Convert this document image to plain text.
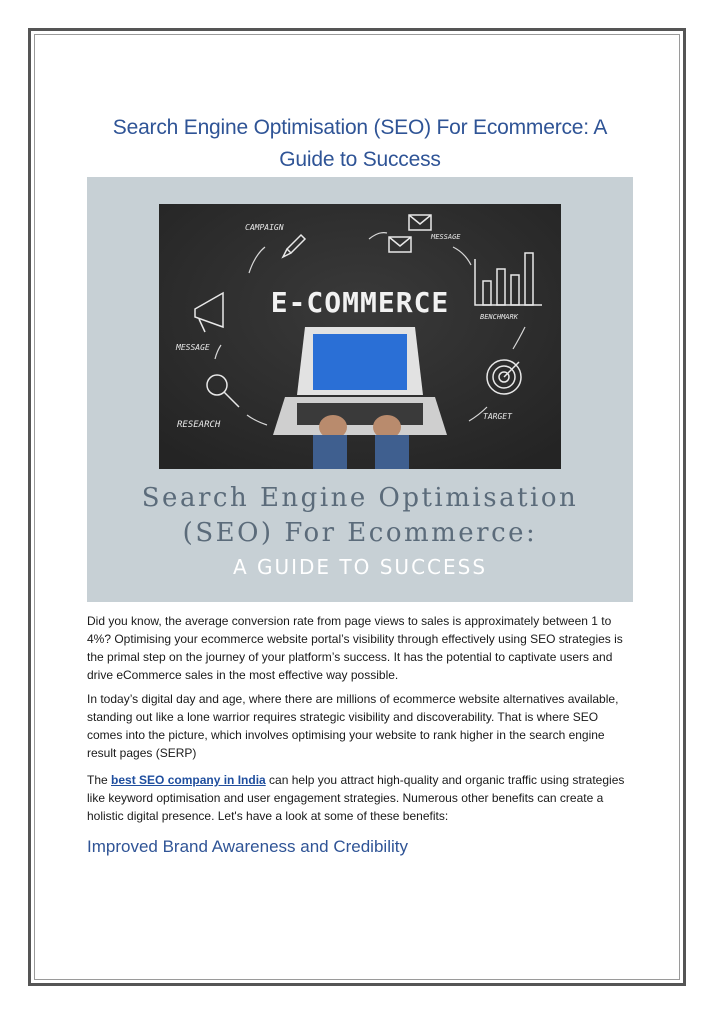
Search Engine Optimisation (SEO) For Ecommerce: A Guide to Success
E-COMMERCE
CAMPAIGN
MESSAGE
BENCHMARK
MESSAGE
TARGET
RESEARCH
Search Engine Optimisation
(SEO) For Ecommerce:
A GUIDE TO SUCCESS

Did you know, the average conversion rate from page views to sales is approximately between 1 to 4%? Optimising your ecommerce website portal’s visibility through effectively using SEO strategies is the primal step on the journey of your platform’s success. It has the potential to captivate users and drive eCommerce sales in the most effective way possible.

In today’s digital day and age, where there are millions of ecommerce website alternatives available, standing out like a lone warrior requires strategic visibility and discoverability. That is where SEO comes into the picture, which involves optimising your website to rank higher in the search engine result pages (SERP)

The best SEO company in India can help you attract high-quality and organic traffic using strategies like keyword optimisation and user engagement strategies. Numerous other benefits can create a holistic digital presence. Let's have a look at some of these benefits:

Improved Brand Awareness and Credibility
